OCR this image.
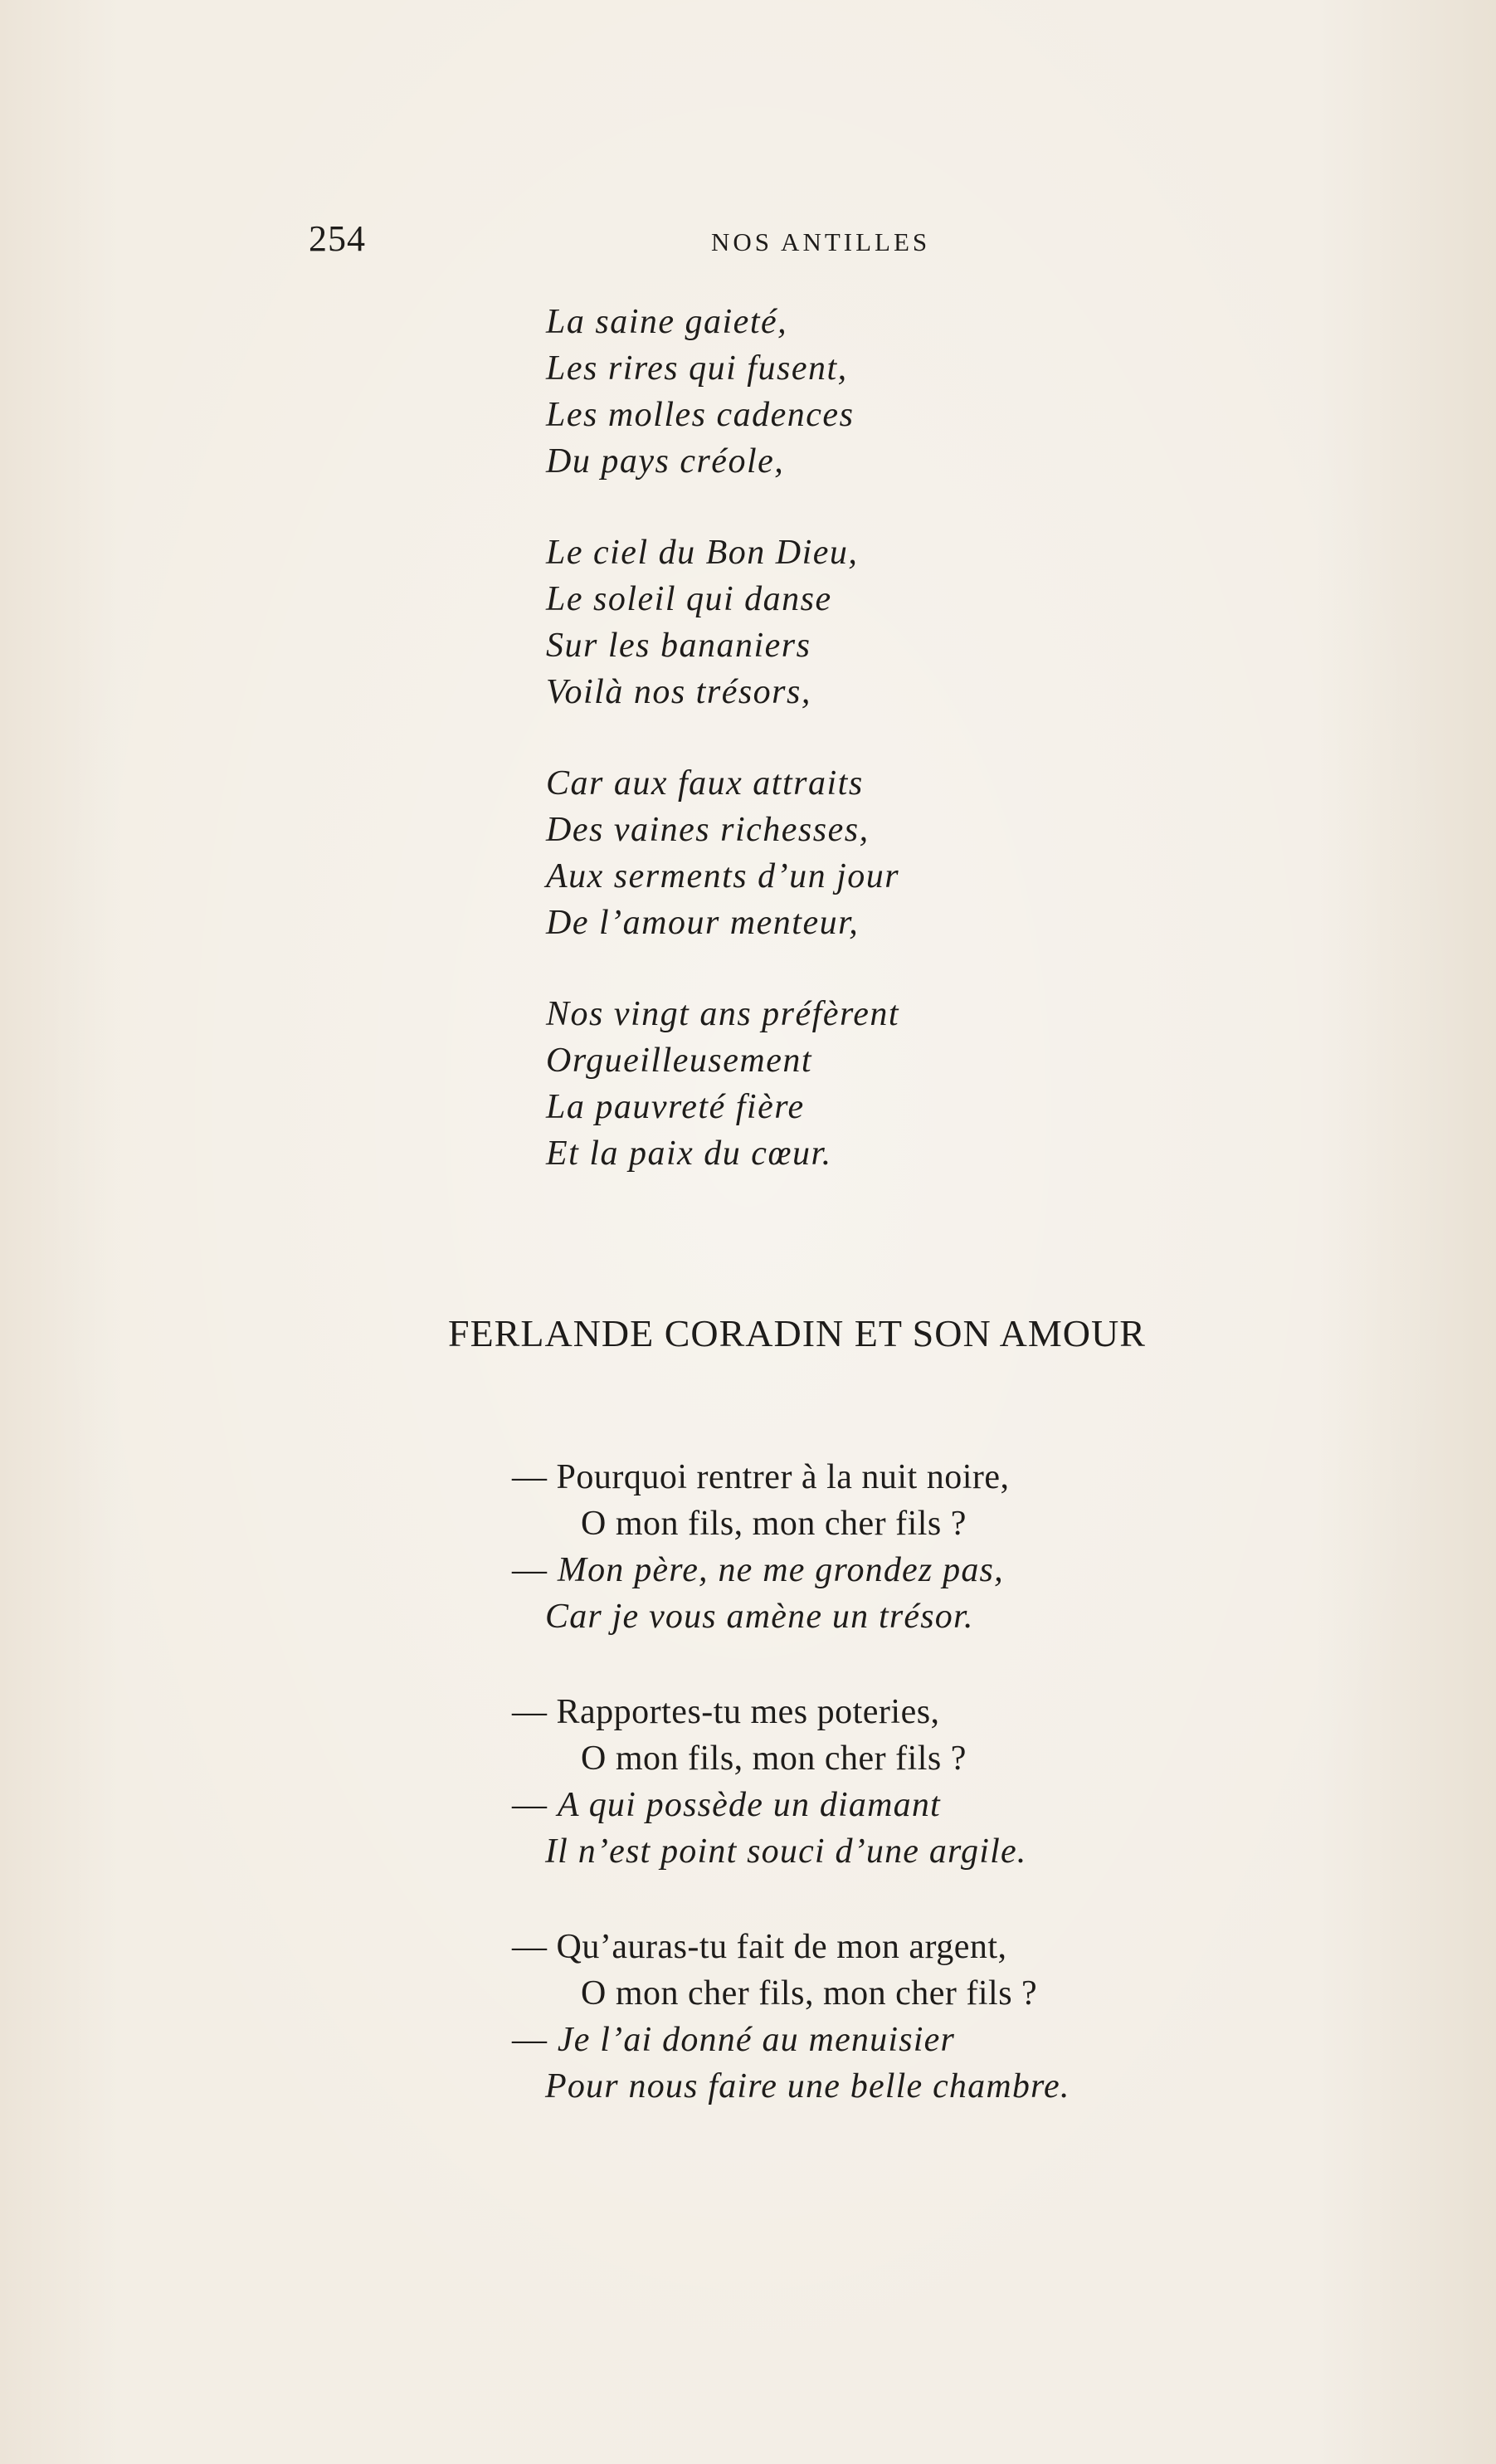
254	NOS ANTILLES
La saine gaieté,
Les rires qui fusent,
Les molles cadences
Du pays créole,
Le ciel du Bon Dieu,
Le soleil qui danse
Sur les bananiers
Voilà nos trésors,
Car aux faux attraits
Des vaines richesses,
Aux serments d’un jour
De l’amour menteur,
Nos vingt ans préfèrent
Orgueilleusement
La pauvreté fière
Et la paix du cœur.
FERLANDE CORADIN ET SON AMOUR
— Pourquoi rentrer à la nuit noire,
O mon fils, mon cher fils ?
— Mon père, ne me grondez pas,
Car je vous amène un trésor.
— Rapportes-tu mes poteries,
O mon fils, mon cher fils ?
— A qui possède un diamant
Il n’est point souci d’une argile.
— Qu’auras-tu fait de mon argent,
O mon cher fils, mon cher fils ?
— Je l’ai donné au menuisier
Pour nous faire une belle chambre.
